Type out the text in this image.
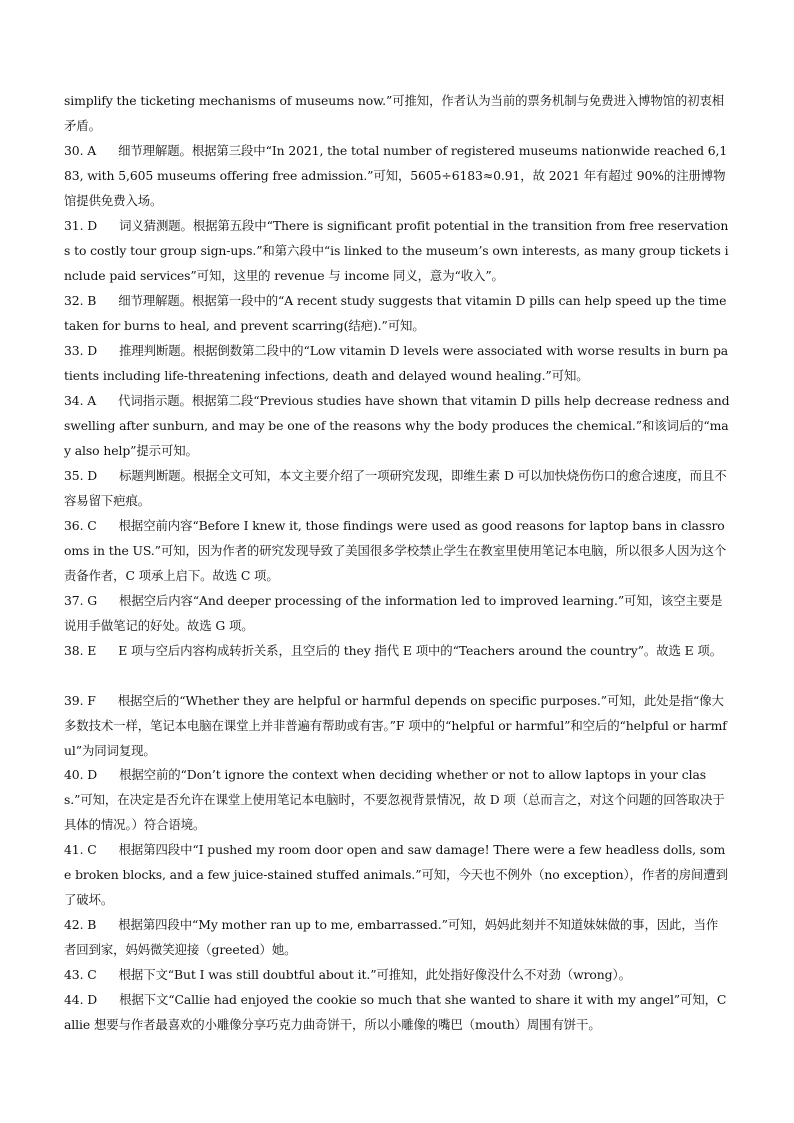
simplify the ticketing mechanisms of museums now.”可推知，作者认为当前的票务机制与免费进入博物馆的初衷相矛盾。
30. A 细节理解题。根据第三段中“In 2021, the total number of registered museums nationwide reached 6,183, with 5,605 museums offering free admission.”可知，5605÷6183≈0.91，故 2021 年有超过 90%的注册博物馆提供免费入场。
31. D 词义猜测题。根据第五段中“There is significant profit potential in the transition from free reservations to costly tour group sign-ups.”和第六段中“is linked to the museum’s own interests, as many group tickets include paid services”可知，这里的 revenue 与 income 同义，意为“收入”。
32. B 细节理解题。根据第一段中的“A recent study suggests that vitamin D pills can help speed up the time taken for burns to heal, and prevent scarring(结疤).”可知。
33. D 推理判断题。根据倒数第二段中的“Low vitamin D levels were associated with worse results in burn patients including life-threatening infections, death and delayed wound healing.”可知。
34. A 代词指示题。根据第二段“Previous studies have shown that vitamin D pills help decrease redness and swelling after sunburn, and may be one of the reasons why the body produces the chemical.”和该词后的“may also help”提示可知。
35. D 标题判断题。根据全文可知，本文主要介绍了一项研究发现，即维生素 D 可以加快烧伤伤口的愈合速度，而且不容易留下疤痕。
36. C 根据空前内容“Before I knew it, those findings were used as good reasons for laptop bans in classrooms in the US.”可知，因为作者的研究发现导致了美国很多学校禁止学生在教室里使用笔记本电脑，所以很多人因为这个责备作者，C 项承上启下。故选 C 项。
37. G 根据空后内容“And deeper processing of the information led to improved learning.”可知，该空主要是说用手做笔记的好处。故选 G 项。
38. E E 项与空后内容构成转折关系，且空后的 they 指代 E 项中的“Teachers around the country”。故选 E 项。
39. F 根据空后的“Whether they are helpful or harmful depends on specific purposes.”可知，此处是指“像大多数技术一样，笔记本电脑在课堂上并非普遍有帮助或有害。”F 项中的“helpful or harmful”和空后的“helpful or harmful”为同词复现。
40. D 根据空前的“Don’t ignore the context when deciding whether or not to allow laptops in your class.”可知，在决定是否允许在课堂上使用笔记本电脑时，不要忽视背景情况，故 D 项（总而言之，对这个问题的回答取决于具体的情况。）符合语境。
41. C 根据第四段中“I pushed my room door open and saw damage! There were a few headless dolls, some broken blocks, and a few juice-stained stuffed animals.”可知，今天也不例外（no exception），作者的房间遭到了破坏。
42. B 根据第四段中“My mother ran up to me, embarrassed.”可知，妈妈此刻并不知道妹妹做的事，因此，当作者回到家，妈妈微笑迎接（greeted）她。
43. C 根据下文“But I was still doubtful about it.”可推知，此处指好像没什么不对劲（wrong）。
44. D 根据下文“Callie had enjoyed the cookie so much that she wanted to share it with my angel”可知，Callie 想要与作者最喜欢的小雕像分享巧克力曲奇饼干，所以小雕像的嘴巴（mouth）周围有饼干。
